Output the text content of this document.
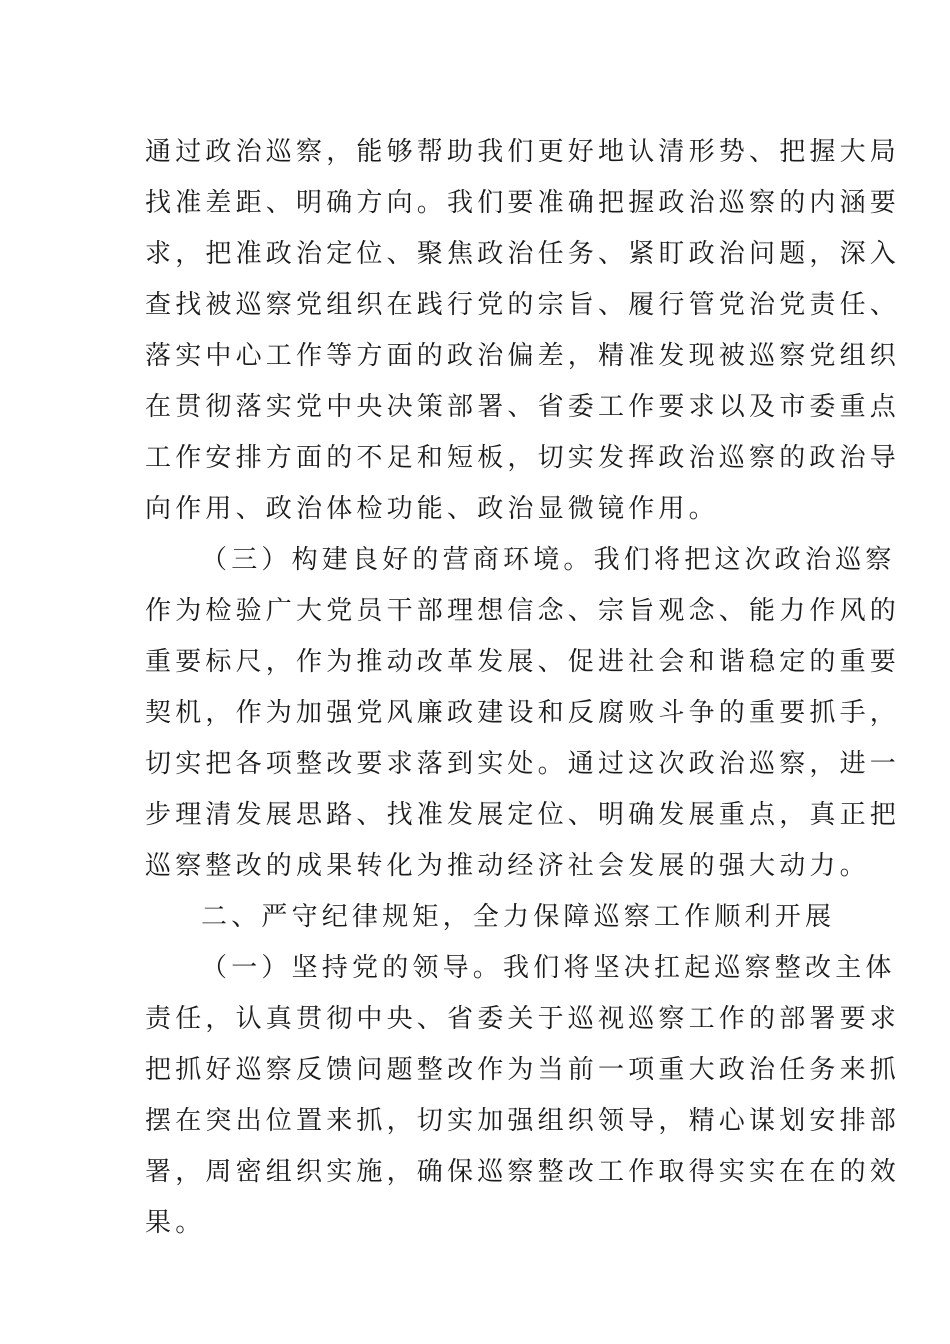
通过政治巡察，能够帮助我们更好地认清形势、把握大局
找准差距、明确方向。我们要准确把握政治巡察的内涵要
求，把准政治定位、聚焦政治任务、紧盯政治问题，深入
查找被巡察党组织在践行党的宗旨、履行管党治党责任、
落实中心工作等方面的政治偏差，精准发现被巡察党组织
在贯彻落实党中央决策部署、省委工作要求以及市委重点
工作安排方面的不足和短板，切实发挥政治巡察的政治导
向作用、政治体检功能、政治显微镜作用。
（三）构建良好的营商环境。我们将把这次政治巡察
作为检验广大党员干部理想信念、宗旨观念、能力作风的
重要标尺，作为推动改革发展、促进社会和谐稳定的重要
契机，作为加强党风廉政建设和反腐败斗争的重要抓手，
切实把各项整改要求落到实处。通过这次政治巡察，进一
步理清发展思路、找准发展定位、明确发展重点，真正把
巡察整改的成果转化为推动经济社会发展的强大动力。
二、严守纪律规矩，全力保障巡察工作顺利开展
（一）坚持党的领导。我们将坚决扛起巡察整改主体
责任，认真贯彻中央、省委关于巡视巡察工作的部署要求
把抓好巡察反馈问题整改作为当前一项重大政治任务来抓
摆在突出位置来抓，切实加强组织领导，精心谋划安排部
署，周密组织实施，确保巡察整改工作取得实实在在的效
果。
